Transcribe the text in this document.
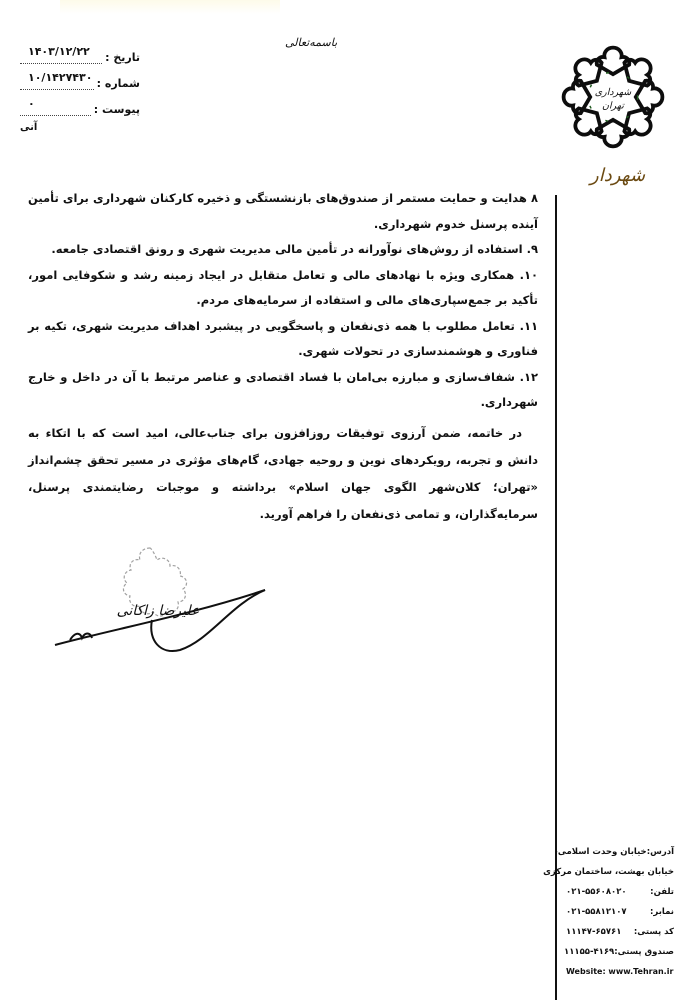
باسمه‌تعالی
تاریخ :
۱۴۰۳/۱۲/۲۲
شماره :
۱۰/۱۴۲۷۴۳۰
پیوست :
۰
آنی
شهرداری
تهران
شهردار

۸ هدایت و حمایت مستمر از صندوق‌های بازنشستگی و ذخیره کارکنان شهرداری برای تأمین آینده پرسنل خدوم شهرداری.

۹. استفاده از روش‌های نوآورانه در تأمین مالی مدیریت شهری و رونق اقتصادی جامعه.

۱۰. همکاری ویژه با نهادهای مالی و تعامل متقابل در ایجاد زمینه رشد و شکوفایی امور، تأکید بر جمع‌سپاری‌های مالی و استفاده از سرمایه‌های مردم.

۱۱. تعامل مطلوب با همه ذی‌نفعان و پاسخگویی در پیشبرد اهداف مدیریت شهری، تکیه بر فناوری و هوشمندسازی در تحولات شهری.

۱۲. شفاف‌سازی و مبارزه بی‌امان با فساد اقتصادی و عناصر مرتبط با آن در داخل و خارج شهرداری.

در خاتمه، ضمن آرزوی توفیقات روزافزون برای جناب‌عالی، امید است که با اتکاء به دانش و تجربه، رویکردهای نوین و روحیه جهادی، گام‌های مؤثری در مسیر تحقق چشم‌انداز «تهران؛ کلان‌شهر الگوی جهان اسلام» برداشته و موجبات رضایتمندی پرسنل، سرمایه‌گذاران، و تمامی ذی‌نفعان را فراهم آورید.

علیرضا زاکانی
آدرس:
خیابان وحدت اسلامی،
خیابان بهشت، ساختمان مرکزی
تلفن:
۰۲۱-۵۵۶۰۸۰۲۰
نمابر:
۰۲۱-۵۵۸۱۲۱۰۷
کد پستی:
۱۱۱۴۷-۶۵۷۶۱
صندوق پستی:
۱۱۱۵۵-۴۱۶۹
Website: www.Tehran.ir
